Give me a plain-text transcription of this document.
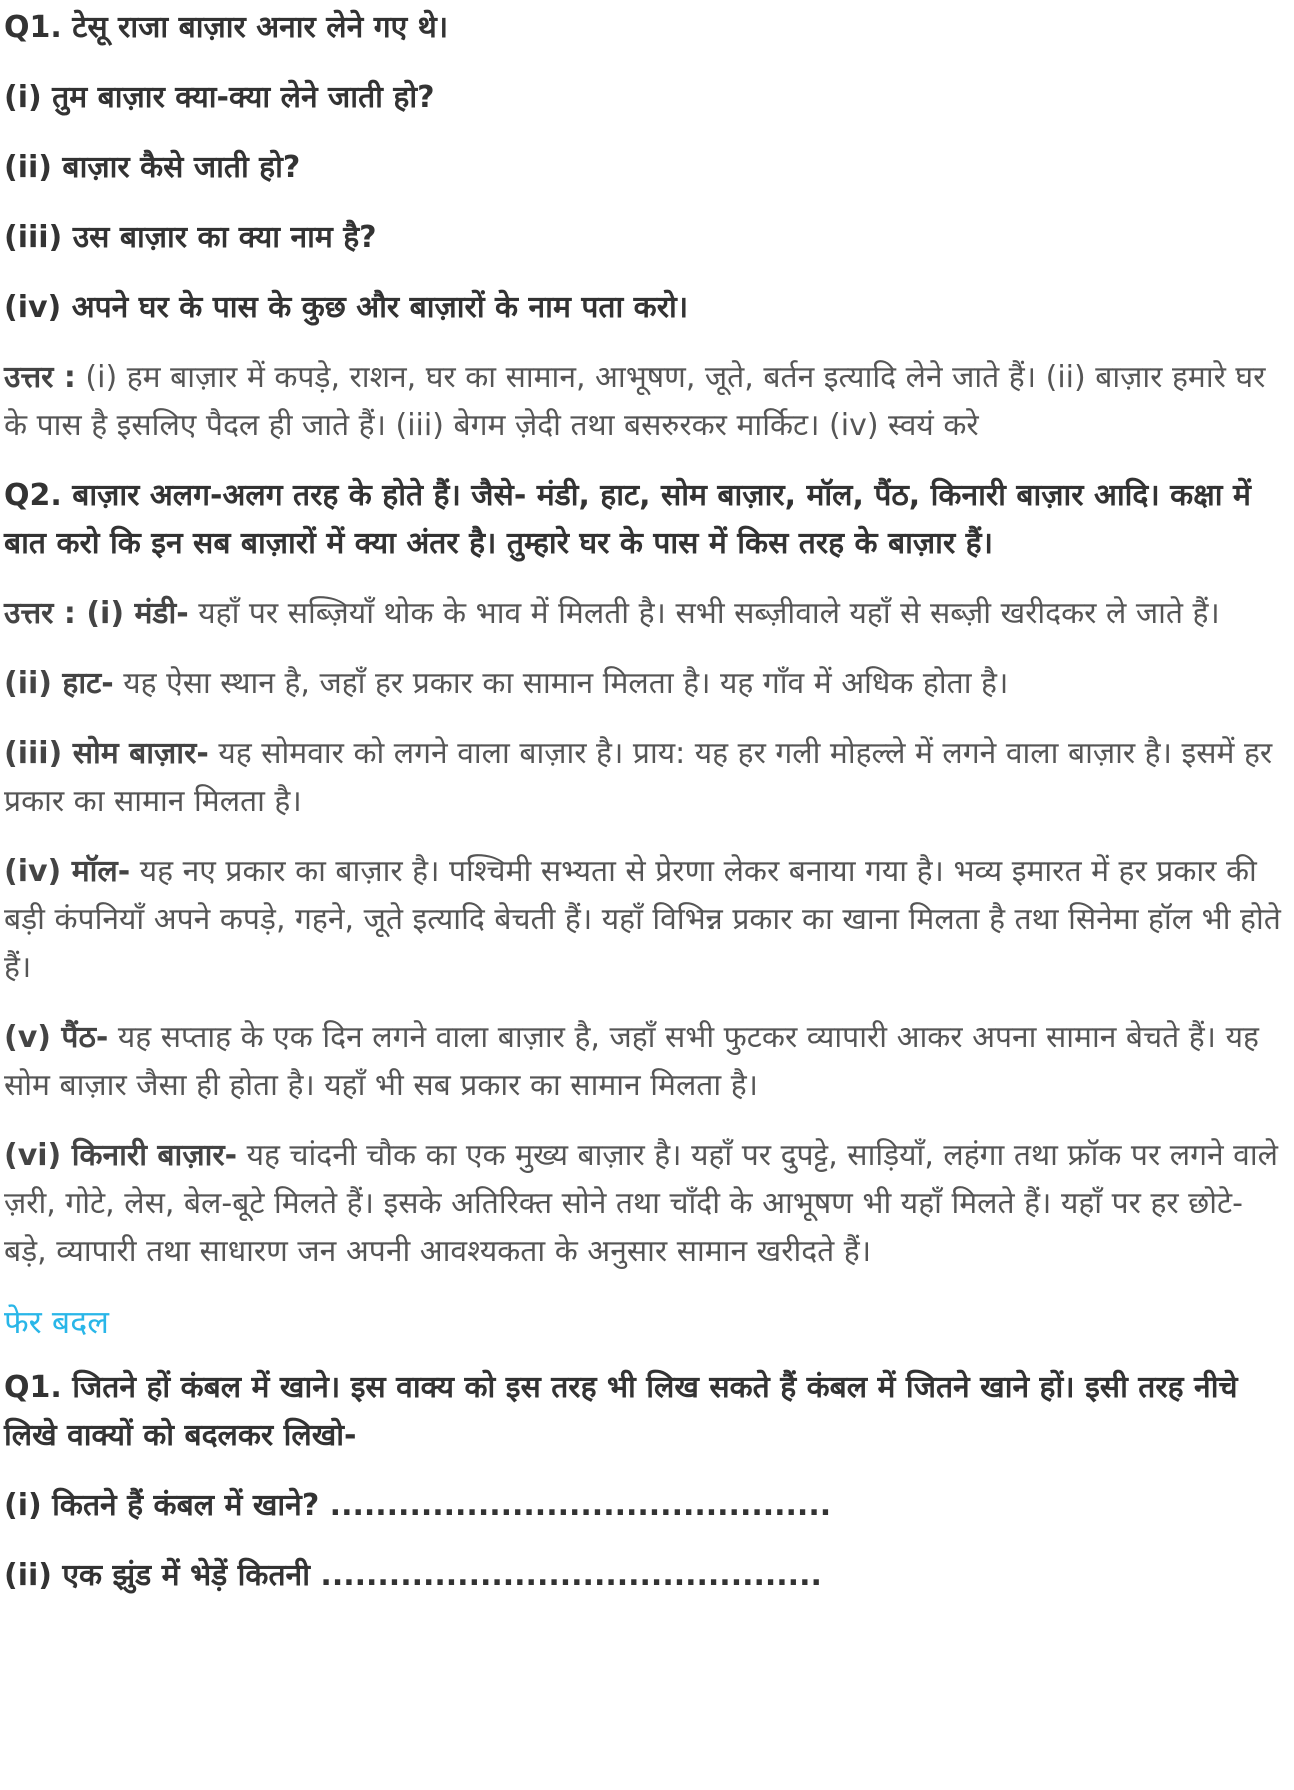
Q1. टेसू राजा बाज़ार अनार लेने गए थे।

(i) तुम बाज़ार क्या-क्या लेने जाती हो?

(ii) बाज़ार कैसे जाती हो?

(iii) उस बाज़ार का क्या नाम है?

(iv) अपने घर के पास के कुछ और बाज़ारों के नाम पता करो।

उत्तर : (i) हम बाज़ार में कपड़े, राशन, घर का सामान, आभूषण, जूते, बर्तन इत्यादि लेने जाते हैं। (ii) बाज़ार हमारे घर के पास है इसलिए पैदल ही जाते हैं। (iii) बेगम ज़ेदी तथा बसरुरकर मार्किट। (iv) स्वयं करे

Q2. बाज़ार अलग-अलग तरह के होते हैं। जैसे- मंडी, हाट, सोम बाज़ार, मॉल, पैंठ, किनारी बाज़ार आदि। कक्षा में बात करो कि इन सब बाज़ारों में क्या अंतर है। तुम्हारे घर के पास में किस तरह के बाज़ार हैं।

उत्तर : (i) मंडी- यहाँ पर सब्ज़ियाँ थोक के भाव में मिलती है। सभी सब्ज़ीवाले यहाँ से सब्ज़ी खरीदकर ले जाते हैं।

(ii) हाट- यह ऐसा स्थान है, जहाँ हर प्रकार का सामान मिलता है। यह गाँव में अधिक होता है।

(iii) सोम बाज़ार- यह सोमवार को लगने वाला बाज़ार है। प्राय: यह हर गली मोहल्ले में लगने वाला बाज़ार है। इसमें हर प्रकार का सामान मिलता है।

(iv) मॉल- यह नए प्रकार का बाज़ार है। पश्चिमी सभ्यता से प्रेरणा लेकर बनाया गया है। भव्य इमारत में हर प्रकार की बड़ी कंपनियाँ अपने कपड़े, गहने, जूते इत्यादि बेचती हैं। यहाँ विभिन्न प्रकार का खाना मिलता है तथा सिनेमा हॉल भी होते हैं।

(v) पैंठ- यह सप्ताह के एक दिन लगने वाला बाज़ार है, जहाँ सभी फुटकर व्यापारी आकर अपना सामान बेचते हैं। यह सोम बाज़ार जैसा ही होता है। यहाँ भी सब प्रकार का सामान मिलता है।

(vi) किनारी बाज़ार- यह चांदनी चौक का एक मुख्य बाज़ार है। यहाँ पर दुपट्टे, साड़ियाँ, लहंगा तथा फ्रॉक पर लगने वाले ज़री, गोटे, लेस, बेल-बूटे मिलते हैं। इसके अतिरिक्त सोने तथा चाँदी के आभूषण भी यहाँ मिलते हैं। यहाँ पर हर छोटे-बड़े, व्यापारी तथा साधारण जन अपनी आवश्यकता के अनुसार सामान खरीदते हैं।

फेर बदल

Q1. जितने हों कंबल में खाने। इस वाक्य को इस तरह भी लिख सकते हैं कंबल में जितने खाने हों। इसी तरह नीचे लिखे वाक्यों को बदलकर लिखो-

(i) कितने हैं कंबल में खाने? ............................................

(ii) एक झुंड में भेड़ें कितनी ............................................
